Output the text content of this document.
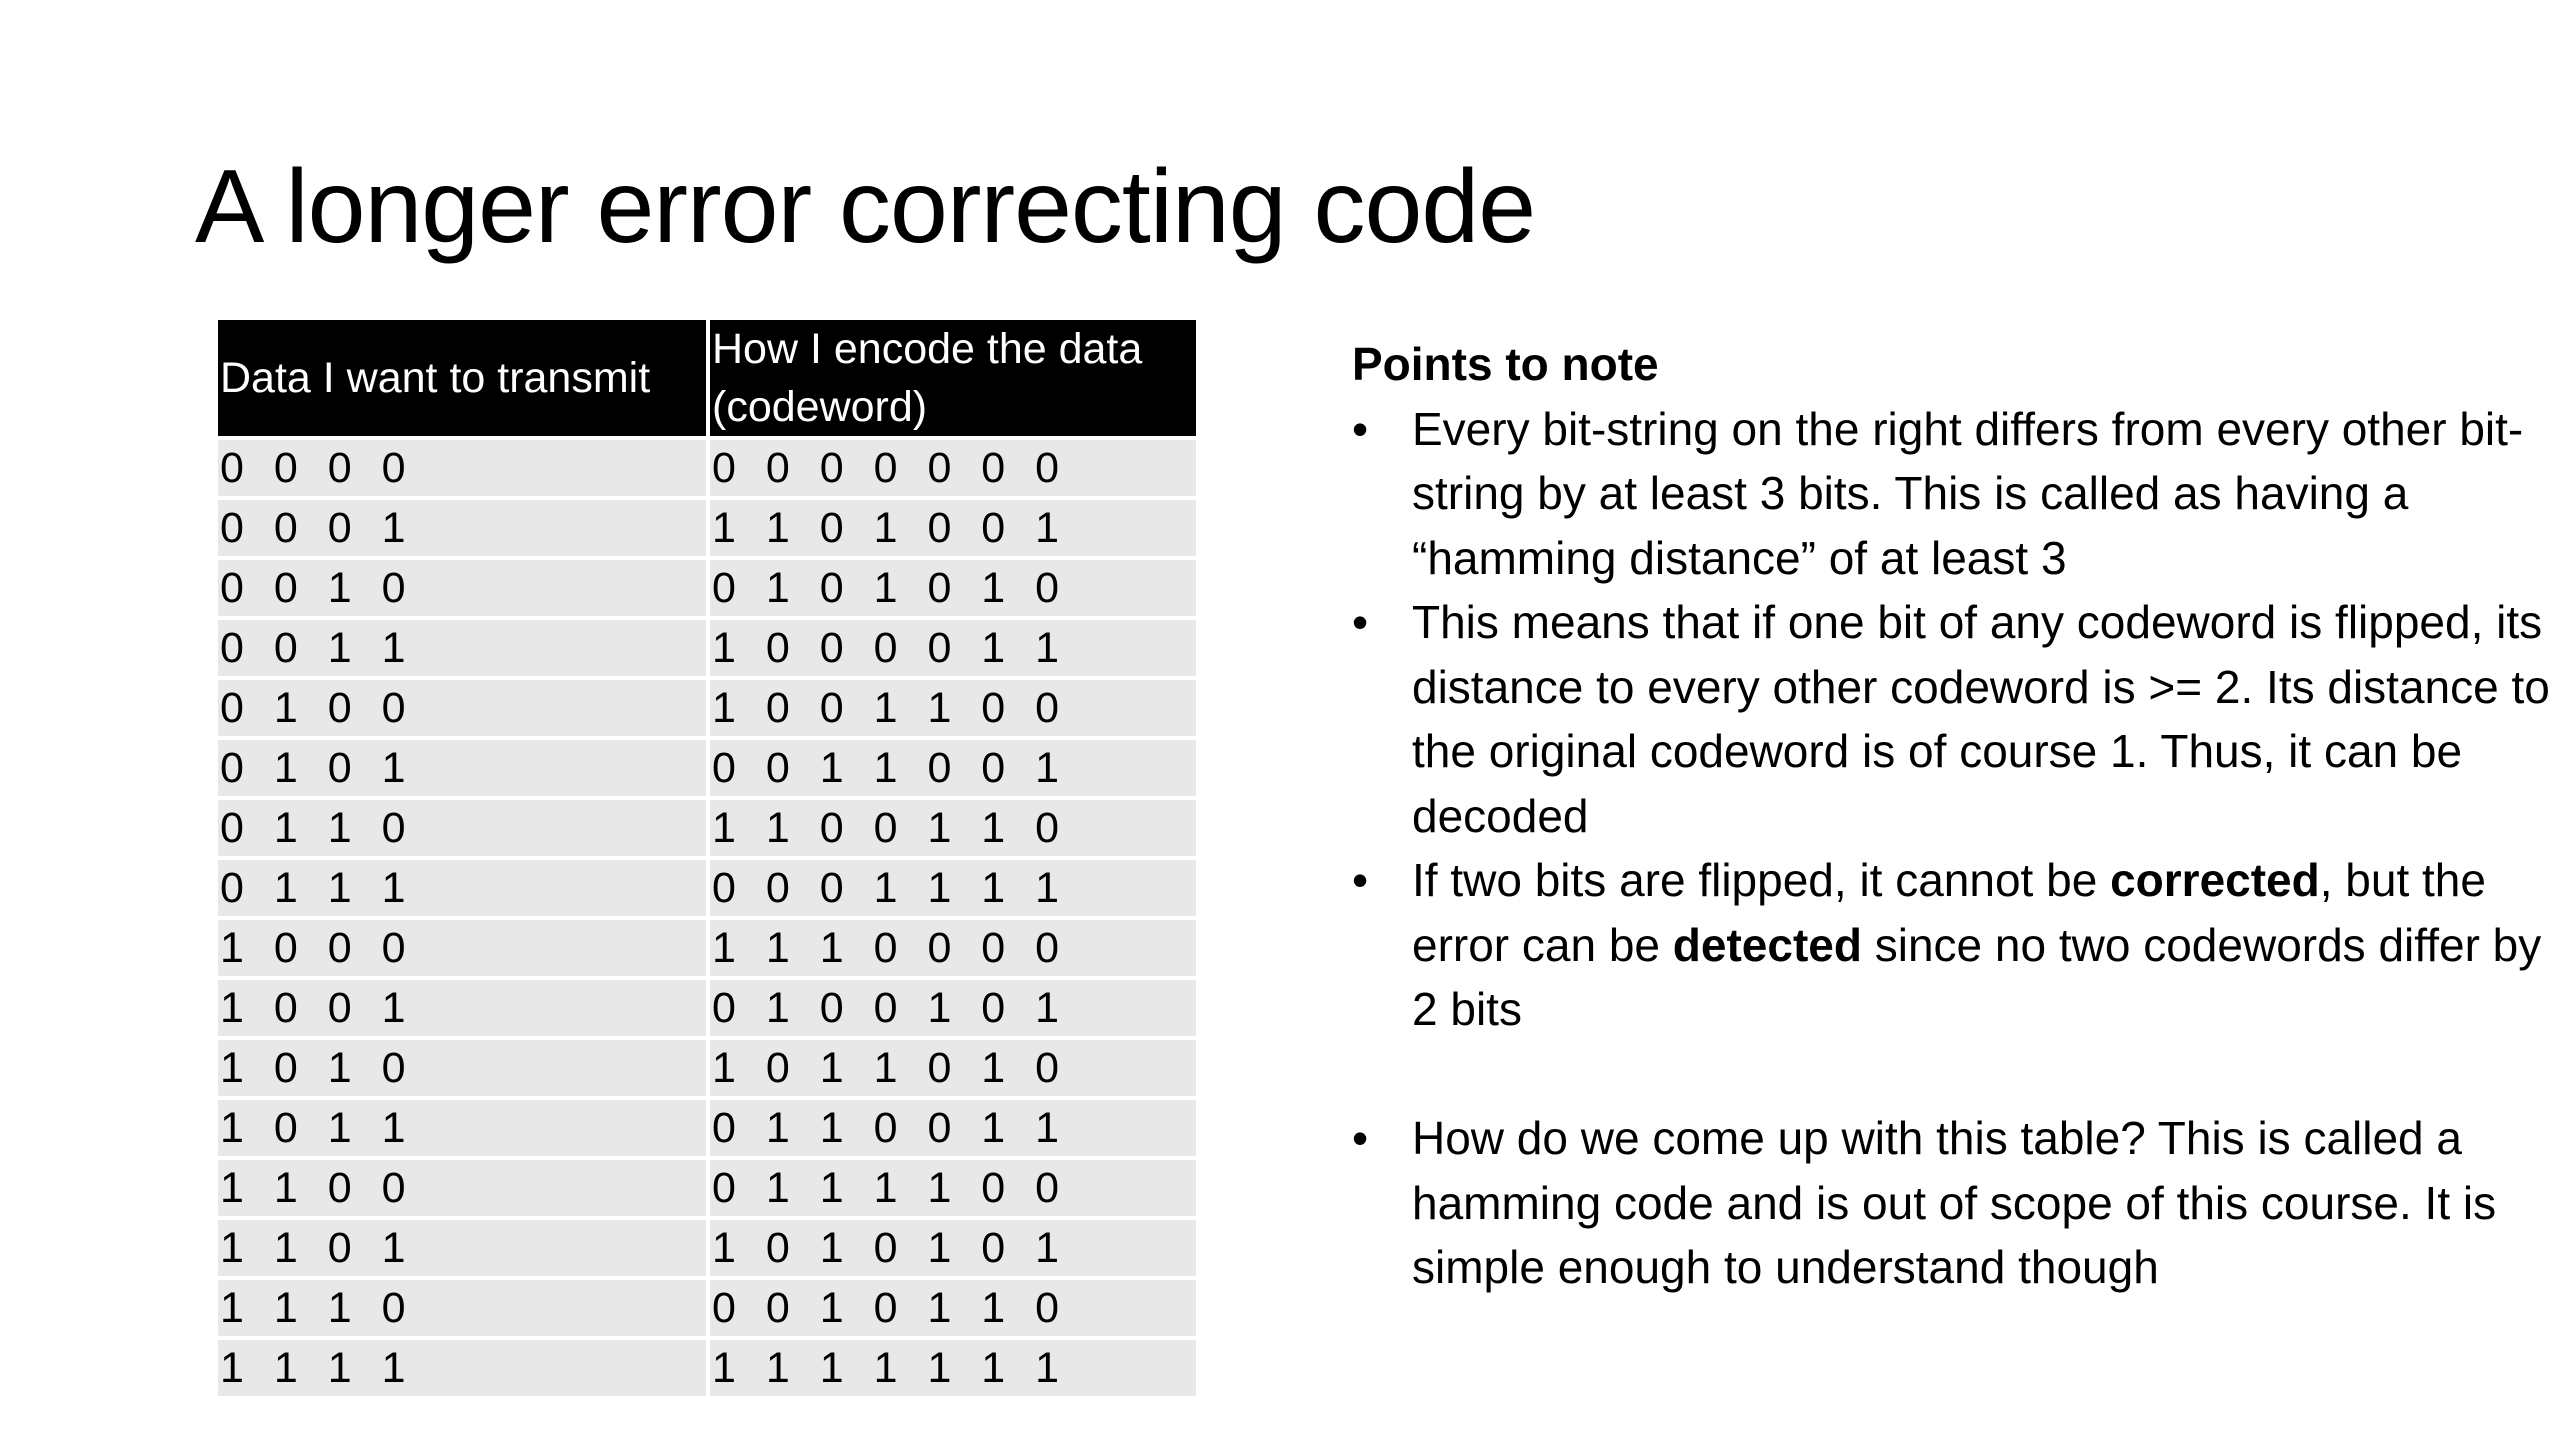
A longer error correcting code
Data I want to transmit	How I encode the data (codeword)
0 0 0 0	0 0 0 0 0 0 0
0 0 0 1	1 1 0 1 0 0 1
0 0 1 0	0 1 0 1 0 1 0
0 0 1 1	1 0 0 0 0 1 1
0 1 0 0	1 0 0 1 1 0 0
0 1 0 1	0 0 1 1 0 0 1
0 1 1 0	1 1 0 0 1 1 0
0 1 1 1	0 0 0 1 1 1 1
1 0 0 0	1 1 1 0 0 0 0
1 0 0 1	0 1 0 0 1 0 1
1 0 1 0	1 0 1 1 0 1 0
1 0 1 1	0 1 1 0 0 1 1
1 1 0 0	0 1 1 1 1 0 0
1 1 0 1	1 0 1 0 1 0 1
1 1 1 0	0 0 1 0 1 1 0
1 1 1 1	1 1 1 1 1 1 1
Points to note
• Every bit-string on the right differs from every other bit-string by at least 3 bits. This is called as having a “hamming distance” of at least 3
• This means that if one bit of any codeword is flipped, its distance to every other codeword is >= 2. Its distance to the original codeword is of course 1. Thus, it can be decoded
• If two bits are flipped, it cannot be corrected, but the error can be detected since no two codewords differ by 2 bits
• How do we come up with this table? This is called a hamming code and is out of scope of this course. It is simple enough to understand though
